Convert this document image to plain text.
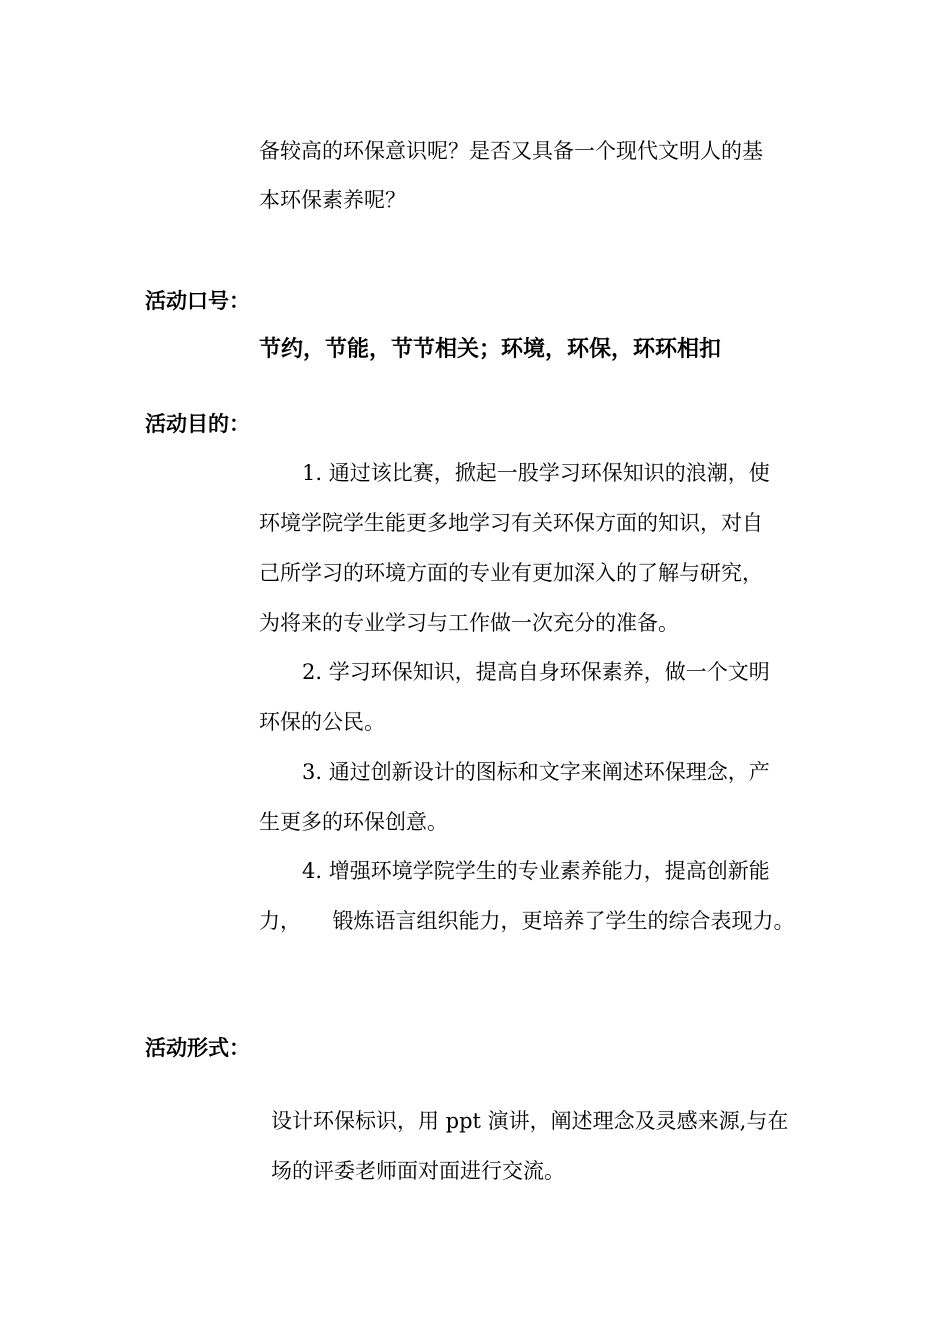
备较高的环保意识呢？是否又具备一个现代文明人的基
本环保素养呢？
活动口号：
节约，节能，节节相关；环境，环保，环环相扣
活动目的：
1. 通过该比赛，掀起一股学习环保知识的浪潮，使
环境学院学生能更多地学习有关环保方面的知识，对自
己所学习的环境方面的专业有更加深入的了解与研究，
为将来的专业学习与工作做一次充分的准备。
2. 学习环保知识，提高自身环保素养，做一个文明
环保的公民。
3. 通过创新设计的图标和文字来阐述环保理念，产
生更多的环保创意。
4. 增强环境学院学生的专业素养能力，提高创新能
力，　　锻炼语言组织能力，更培养了学生的综合表现力。
活动形式：
设计环保标识，用 ppt 演讲，阐述理念及灵感来源,与在
场的评委老师面对面进行交流。
